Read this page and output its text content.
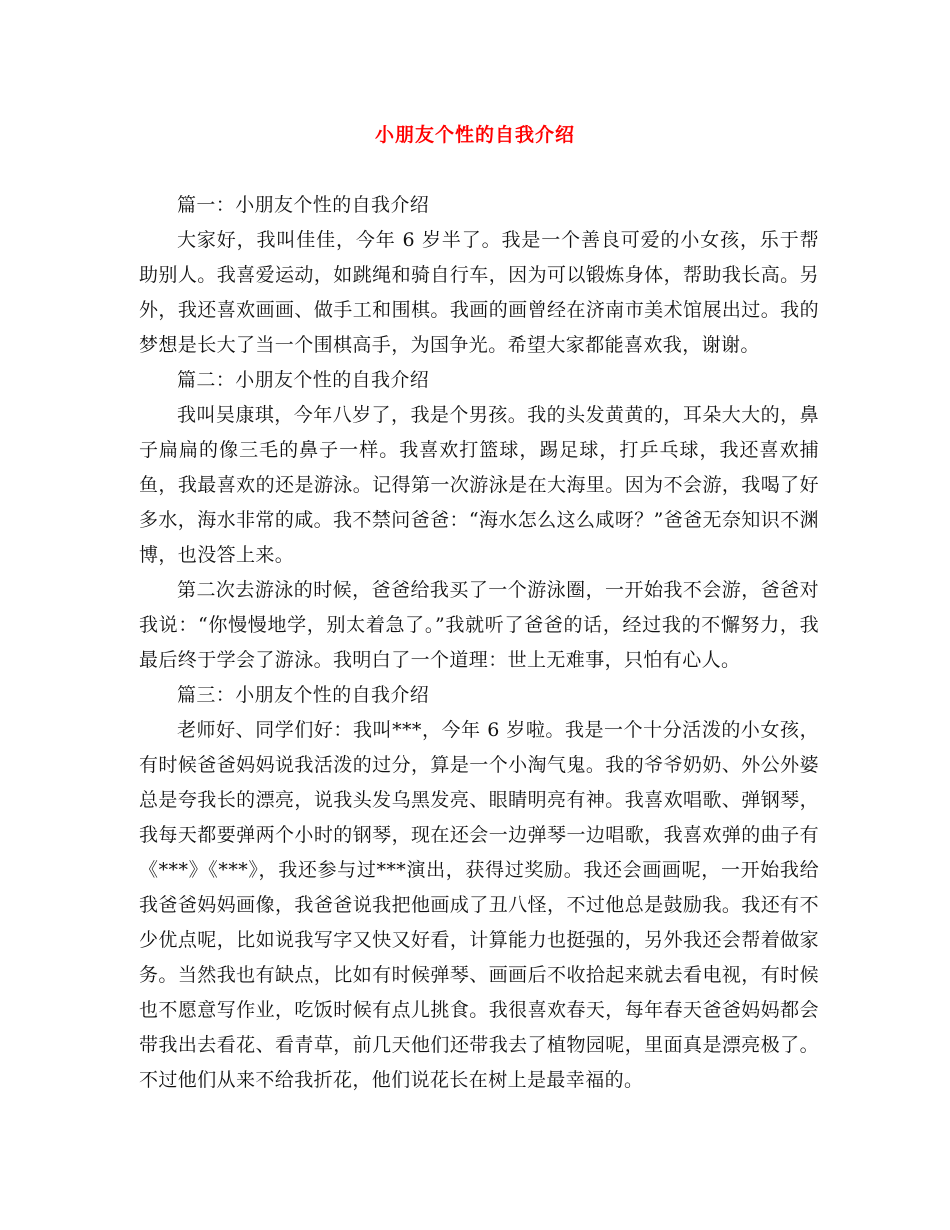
小朋友个性的自我介绍

篇一：小朋友个性的自我介绍

大家好，我叫佳佳，今年 6 岁半了。我是一个善良可爱的小女孩，乐于帮助别人。我喜爱运动，如跳绳和骑自行车，因为可以锻炼身体，帮助我长高。另外，我还喜欢画画、做手工和围棋。我画的画曾经在济南市美术馆展出过。我的梦想是长大了当一个围棋高手，为国争光。希望大家都能喜欢我，谢谢。

篇二：小朋友个性的自我介绍

我叫吴康琪，今年八岁了，我是个男孩。我的头发黄黄的，耳朵大大的，鼻子扁扁的像三毛的鼻子一样。我喜欢打篮球，踢足球，打乒乓球，我还喜欢捕鱼，我最喜欢的还是游泳。记得第一次游泳是在大海里。因为不会游，我喝了好多水，海水非常的咸。我不禁问爸爸：“海水怎么这么咸呀？”爸爸无奈知识不渊博，也没答上来。

第二次去游泳的时候，爸爸给我买了一个游泳圈，一开始我不会游，爸爸对我说：“你慢慢地学，别太着急了。”我就听了爸爸的话，经过我的不懈努力，我最后终于学会了游泳。我明白了一个道理：世上无难事，只怕有心人。

篇三：小朋友个性的自我介绍

老师好、同学们好：我叫***，今年 6 岁啦。我是一个十分活泼的小女孩，有时候爸爸妈妈说我活泼的过分，算是一个小淘气鬼。我的爷爷奶奶、外公外婆总是夸我长的漂亮，说我头发乌黑发亮、眼睛明亮有神。我喜欢唱歌、弹钢琴，我每天都要弹两个小时的钢琴，现在还会一边弹琴一边唱歌，我喜欢弹的曲子有《***》《***》，我还参与过***演出，获得过奖励。我还会画画呢，一开始我给我爸爸妈妈画像，我爸爸说我把他画成了丑八怪，不过他总是鼓励我。我还有不少优点呢，比如说我写字又快又好看，计算能力也挺强的，另外我还会帮着做家务。当然我也有缺点，比如有时候弹琴、画画后不收拾起来就去看电视，有时候也不愿意写作业，吃饭时候有点儿挑食。我很喜欢春天，每年春天爸爸妈妈都会带我出去看花、看青草，前几天他们还带我去了植物园呢，里面真是漂亮极了。不过他们从来不给我折花，他们说花长在树上是最幸福的。
